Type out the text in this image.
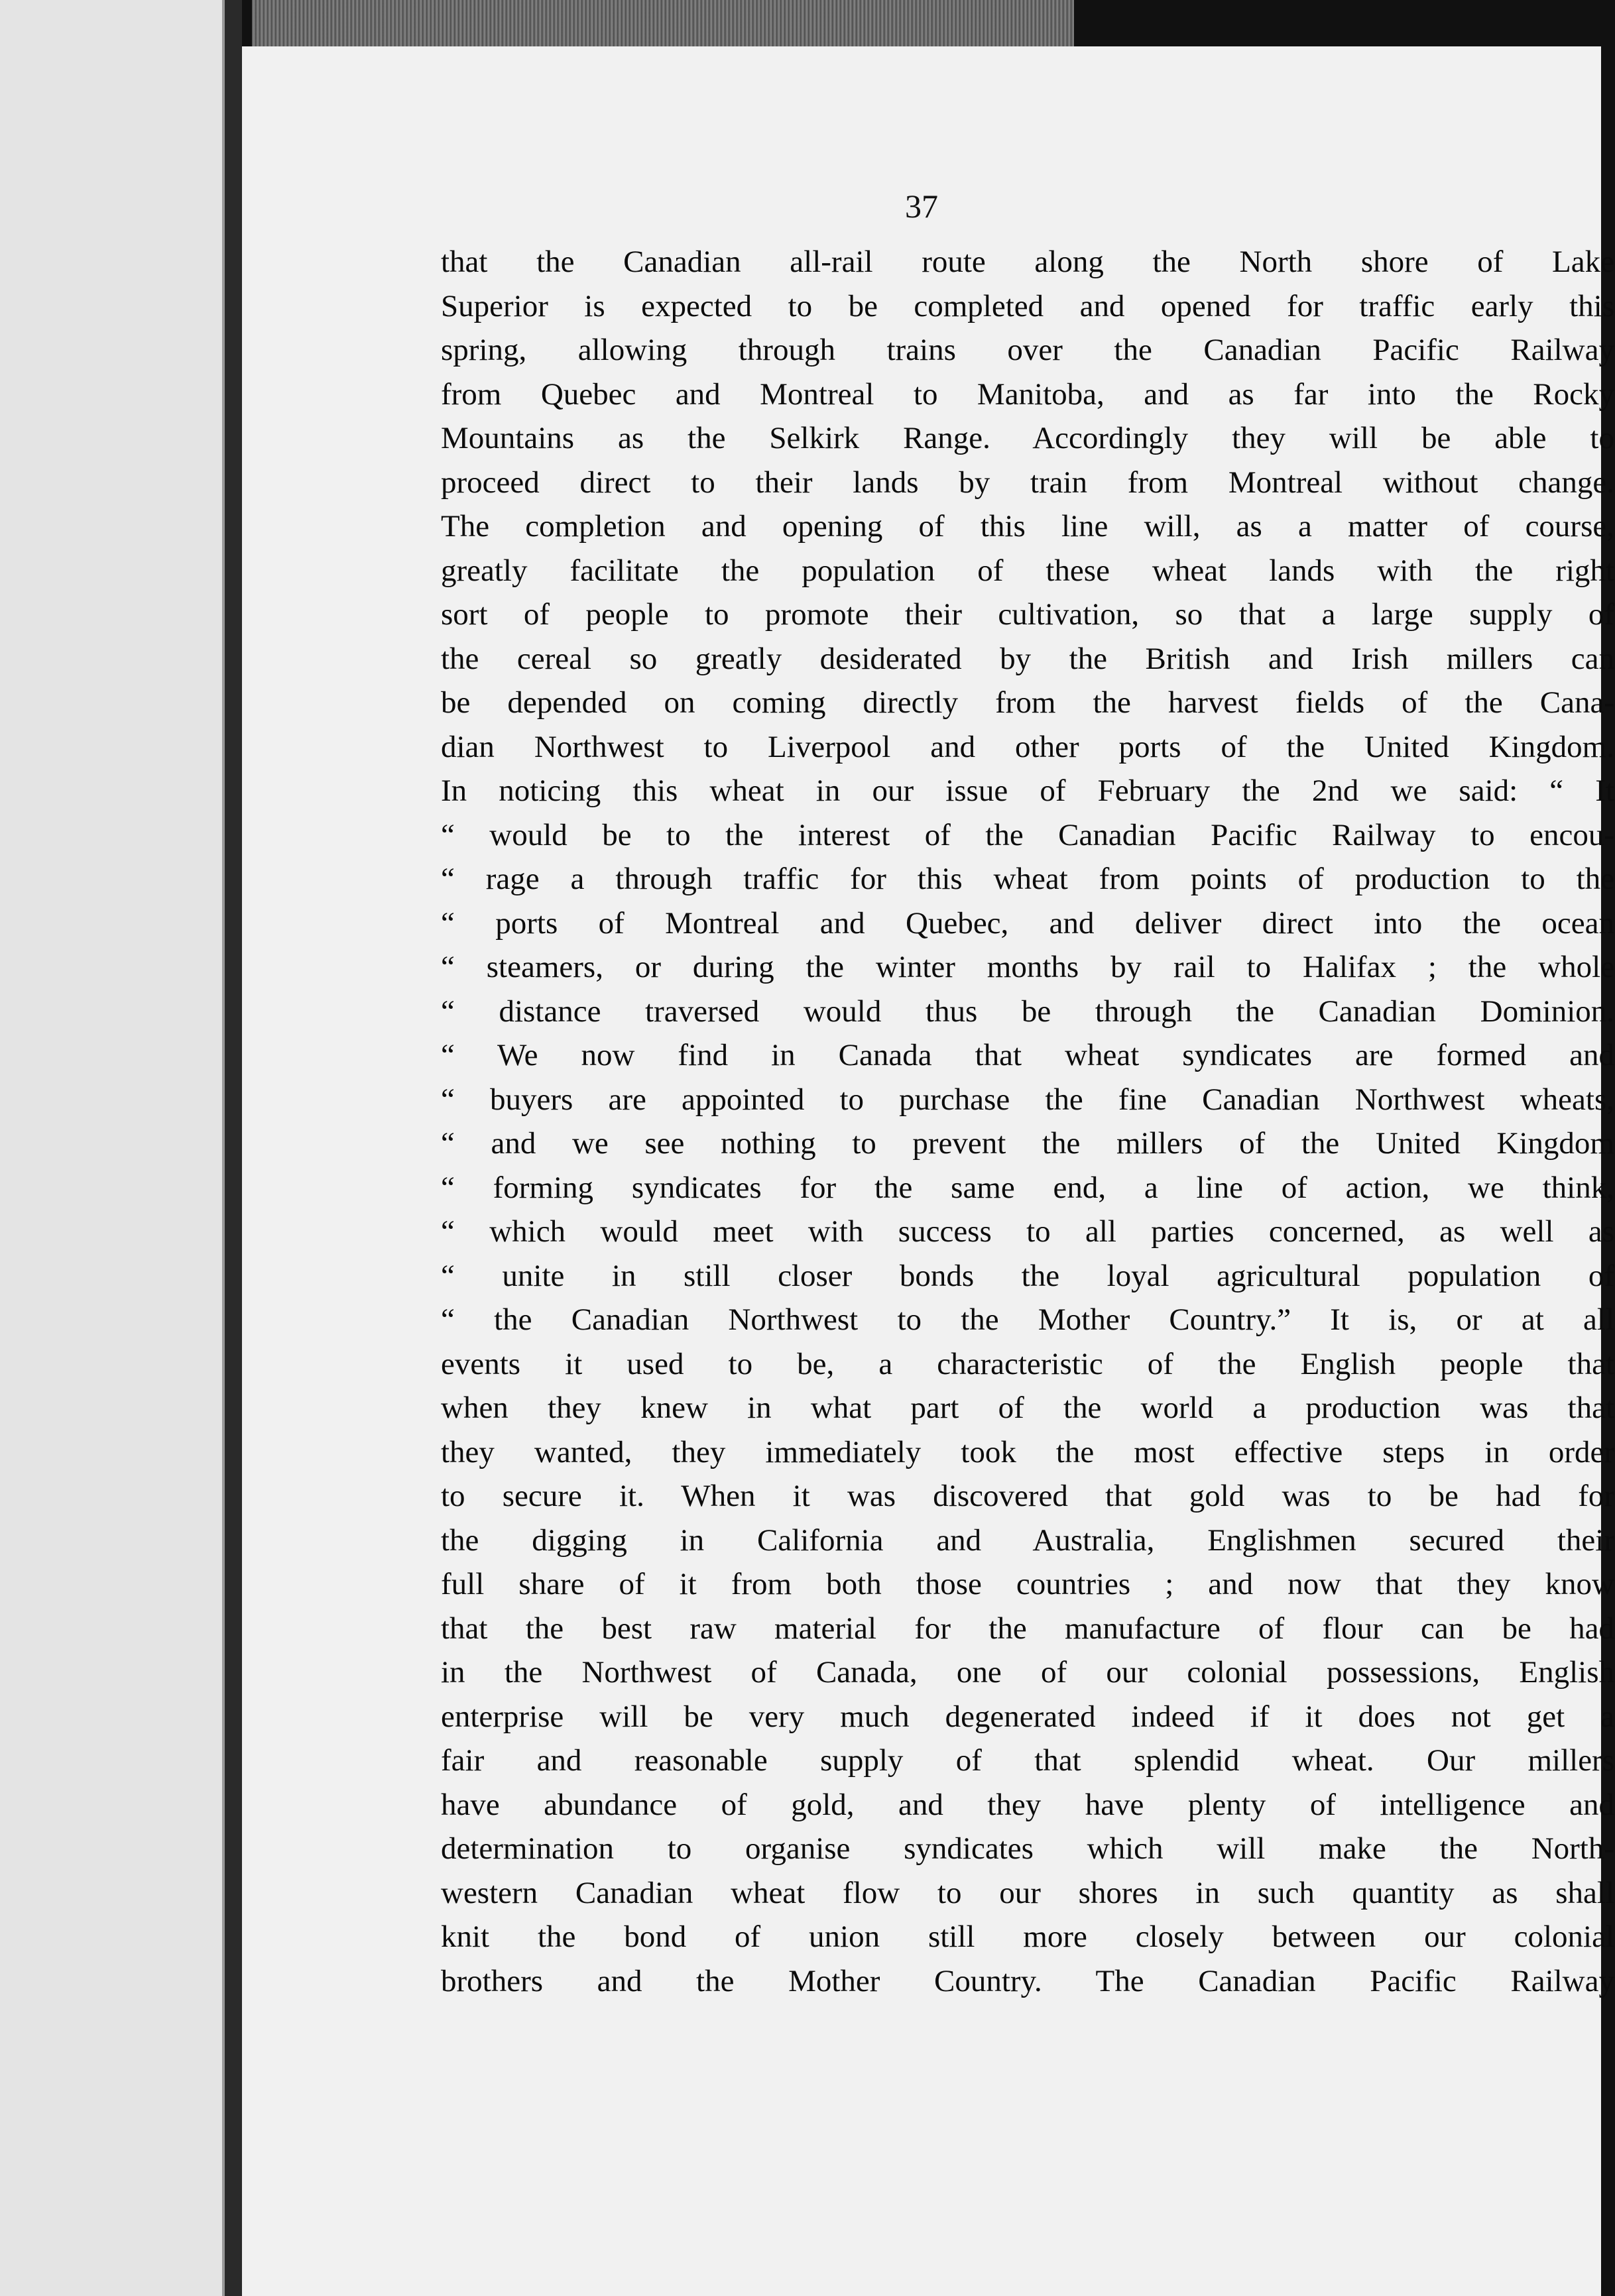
37
that the Canadian all-rail route along the North shore of Lake
Superior is expected to be completed and opened for traffic early this
spring, allowing through trains over the Canadian Pacific Railway
from Quebec and Montreal to Manitoba, and as far into the Rocky
Mountains as the Selkirk Range. Accordingly they will be able to
proceed direct to their lands by train from Montreal without change.
The completion and opening of this line will, as a matter of course,
greatly facilitate the population of these wheat lands with the right
sort of people to promote their cultivation, so that a large supply of
the cereal so greatly desiderated by the British and Irish millers can
be depended on coming directly from the harvest fields of the Cana-
dian Northwest to Liverpool and other ports of the United Kingdom.
In noticing this wheat in our issue of February the 2nd we said: “ It
“ would be to the interest of the Canadian Pacific Railway to encou-
“ rage a through traffic for this wheat from points of production to the
“ ports of Montreal and Quebec, and deliver direct into the ocean
“ steamers, or during the winter months by rail to Halifax ; the whole
“ distance traversed would thus be through the Canadian Dominion.
“ We now find in Canada that wheat syndicates are formed and
“ buyers are appointed to purchase the fine Canadian Northwest wheats,
“ and we see nothing to prevent the millers of the United Kingdom
“ forming syndicates for the same end, a line of action, we think,
“ which would meet with success to all parties concerned, as well as
“ unite in still closer bonds the loyal agricultural population of
“ the Canadian Northwest to the Mother Country.” It is, or at all
events it used to be, a characteristic of the English people that
when they knew in what part of the world a production was that
they wanted, they immediately took the most effective steps in order
to secure it. When it was discovered that gold was to be had for
the digging in California and Australia, Englishmen secured their
full share of it from both those countries ; and now that they know
that the best raw material for the manufacture of flour can be had
in the Northwest of Canada, one of our colonial possessions, English
enterprise will be very much degenerated indeed if it does not get a
fair and reasonable supply of that splendid wheat. Our millers
have abundance of gold, and they have plenty of intelligence and
determination to organise syndicates which will make the North-
western Canadian wheat flow to our shores in such quantity as shall
knit the bond of union still more closely between our colonial
brothers and the Mother Country. The Canadian Pacific Railway
